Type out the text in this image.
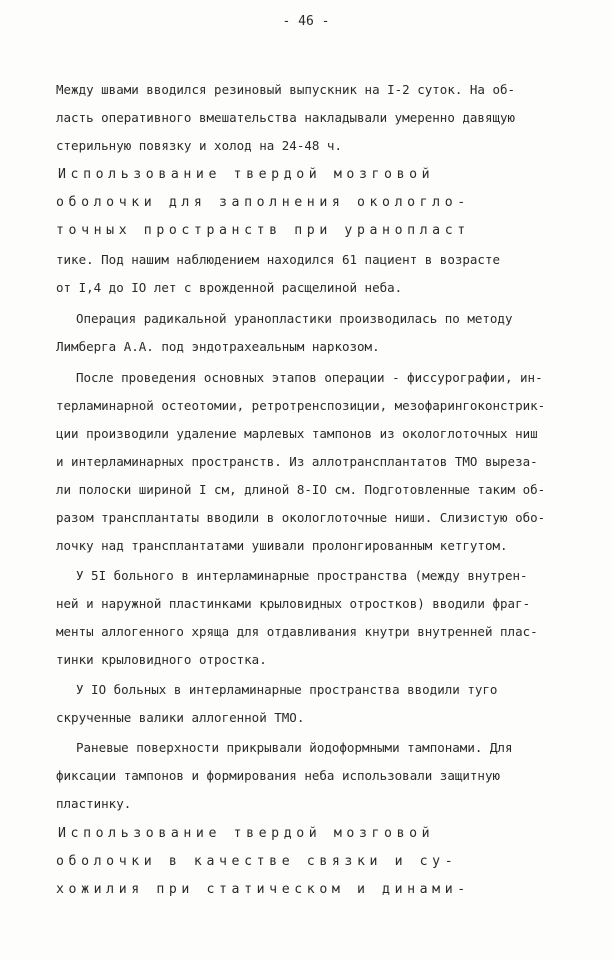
- 46 -
Между швами вводился резиновый выпускник на I-2 суток. На об-
ласть оперативного вмешательства накладывали умеренно давящую
стерильную повязку и холод на 24-48 ч.
Использование твердой мозговой
оболочки для заполнения окологло-
точных пространств при уранопласт
тике. Под нашим наблюдением находился 61 пациент в возрасте
от I,4 до IO лет с врожденной расщелиной неба.
Операция радикальной уранопластики производилась по методу
Лимберга А.А. под эндотрахеальным наркозом.
После проведения основных этапов операции - фиссурографии, ин-
терламинарной остеотомии, ретротренспозиции, мезофарингоконстрик-
ции производили удаление марлевых тампонов из окологлоточных ниш
и интерламинарных пространств. Из аллотрансплантатов ТМО выреза-
ли полоски шириной I см, длиной 8-IO см. Подготовленные таким об-
разом трансплантаты вводили в окологлоточные ниши. Слизистую обо-
лочку над трансплантатами ушивали пролонгированным кетгутом.
У 5I больного в интерламинарные пространства (между внутрен-
ней и наружной пластинками крыловидных отростков) вводили фраг-
менты аллогенного хряща для отдавливания кнутри внутренней плас-
тинки крыловидного отростка.
У IO больных в интерламинарные пространства вводили туго
скрученные валики аллогенной ТМО.
Раневые поверхности прикрывали йодоформными тампонами. Для
фиксации тампонов и формирования неба использовали защитную
пластинку.
Использование твердой мозговой
оболочки в качестве связки и су-
хожилия при статическом и динами-
